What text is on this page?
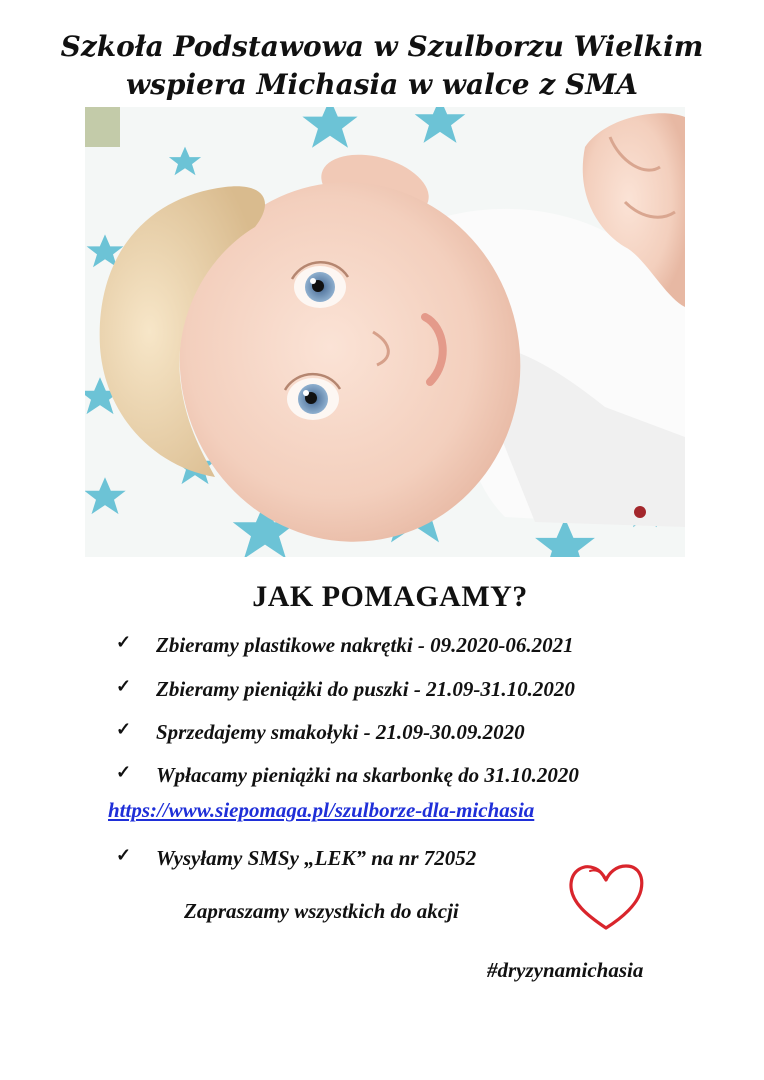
Szkoła Podstawowa w Szulborzu Wielkim
wspiera Michasia w walce z SMA
JAK POMAGAMY?
✓ Zbieramy plastikowe nakrętki - 09.2020-06.2021
✓ Zbieramy pieniążki do puszki - 21.09-31.10.2020
✓ Sprzedajemy smakołyki - 21.09-30.09.2020
✓ Wpłacamy pieniążki na skarbonkę do 31.10.2020
https://www.siepomaga.pl/szulborze-dla-michasia
✓ Wysyłamy SMSy „LEK” na nr 72052
Zapraszamy wszystkich do akcji
#dryzynamichasia
